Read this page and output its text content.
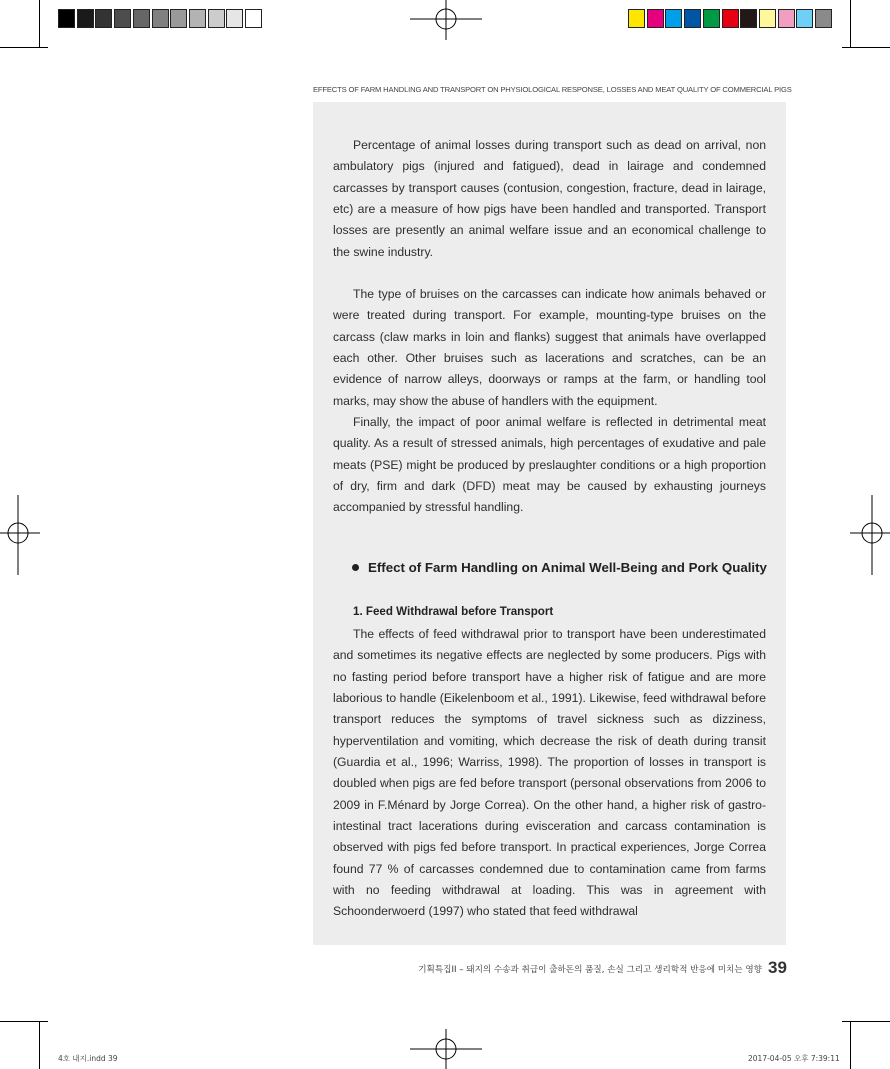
EFFECTS OF FARM HANDLING AND TRANSPORT ON PHYSIOLOGICAL RESPONSE, LOSSES AND MEAT QUALITY OF COMMERCIAL PIGS

Percentage of animal losses during transport such as dead on arrival, non ambulatory pigs (injured and fatigued), dead in lairage and condemned carcasses by transport causes (contusion, congestion, fracture, dead in lairage, etc) are a measure of how pigs have been handled and transported. Transport losses are presently an animal welfare issue and an economical challenge to the swine industry.

The type of bruises on the carcasses can indicate how animals behaved or were treated during transport. For example, mounting-type bruises on the carcass (claw marks in loin and flanks) suggest that animals have overlapped each other. Other bruises such as lacerations and scratches, can be an evidence of narrow alleys, doorways or ramps at the farm, or handling tool marks, may show the abuse of handlers with the equipment.

Finally, the impact of poor animal welfare is reflected in detrimental meat quality. As a result of stressed animals, high percentages of exudative and pale meats (PSE) might be produced by preslaughter conditions or a high proportion of dry, firm and dark (DFD) meat may be caused by exhausting journeys accompanied by stressful handling.

Effect of Farm Handling on Animal Well-Being and Pork Quality
1. Feed Withdrawal before Transport

The effects of feed withdrawal prior to transport have been underestimated and sometimes its negative effects are neglected by some producers. Pigs with no fasting period before transport have a higher risk of fatigue and are more laborious to handle (Eikelenboom et al., 1991). Likewise, feed withdrawal before transport reduces the symptoms of travel sickness such as dizziness, hyperventilation and vomiting, which decrease the risk of death during transit (Guardia et al., 1996; Warriss, 1998). The proportion of losses in transport is doubled when pigs are fed before transport (personal observations from 2006 to 2009 in F.Ménard by Jorge Correa). On the other hand, a higher risk of gastro-intestinal tract lacerations during evisceration and carcass contamination is observed with pigs fed before transport. In practical experiences, Jorge Correa found 77 % of carcasses condemned due to contamination came from farms with no feeding withdrawal at loading. This was in agreement with Schoonderwoerd (1997) who stated that feed withdrawal

기획특집II – 돼지의 수송과 취급이 출하돈의 품질, 손실 그리고 생리학적 반응에 미치는 영향 39
4호 내지.indd 39	2017-04-05 오후 7:39:11
